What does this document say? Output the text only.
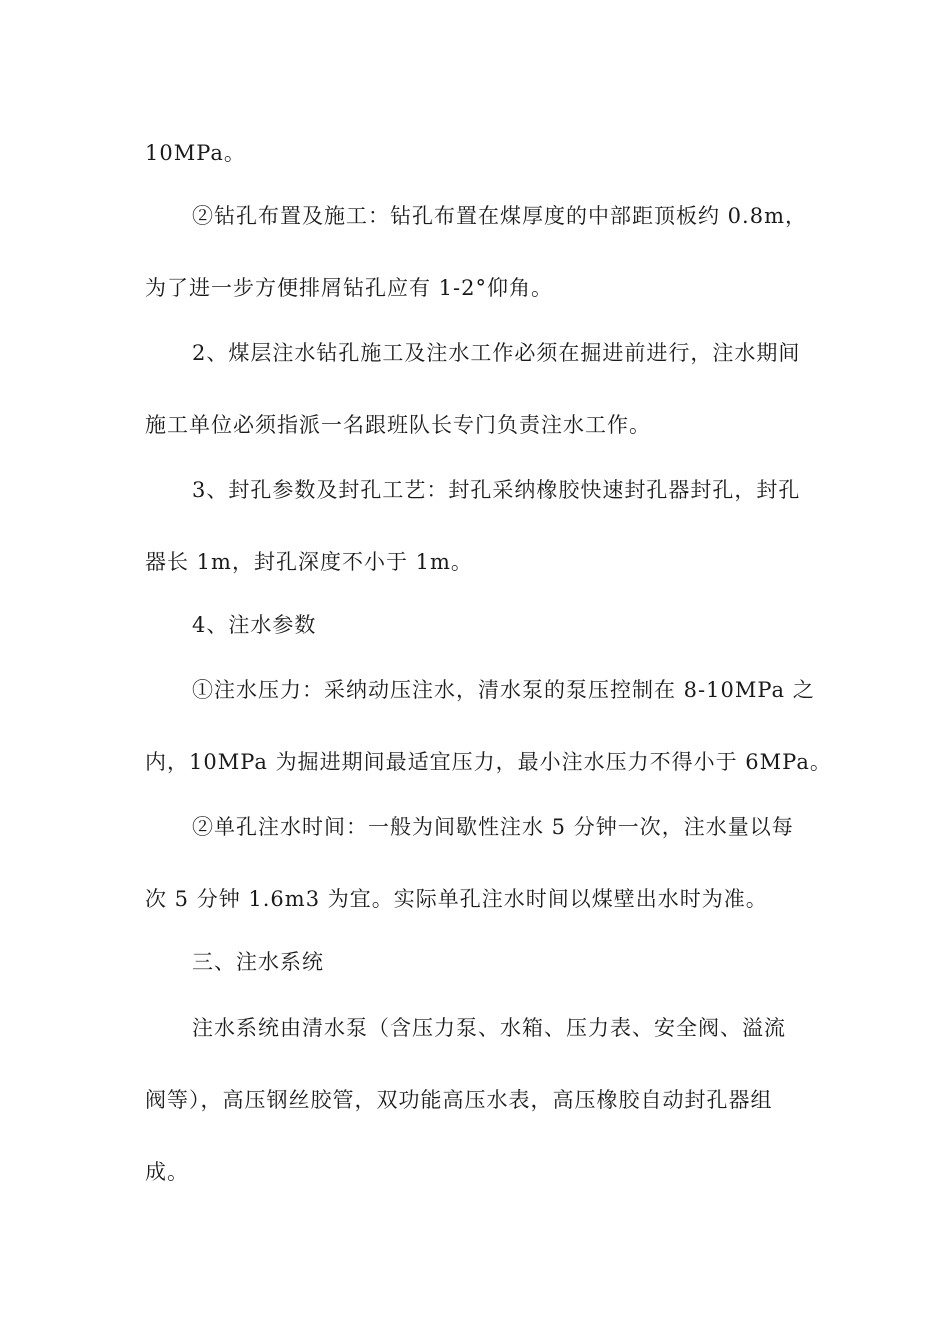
10MPa。
②钻孔布置及施工：钻孔布置在煤厚度的中部距顶板约 0.8m，
为了进一步方便排屑钻孔应有 1-2°仰角。
2、煤层注水钻孔施工及注水工作必须在掘进前进行，注水期间
施工单位必须指派一名跟班队长专门负责注水工作。
3、封孔参数及封孔工艺：封孔采纳橡胶快速封孔器封孔，封孔
器长 1m，封孔深度不小于 1m。
4、注水参数
①注水压力：采纳动压注水，清水泵的泵压控制在 8-10MPa 之
内，10MPa 为掘进期间最适宜压力，最小注水压力不得小于 6MPa。
②单孔注水时间：一般为间歇性注水 5 分钟一次，注水量以每
次 5 分钟 1.6m3 为宜。实际单孔注水时间以煤壁出水时为准。
三、注水系统
注水系统由清水泵（含压力泵、水箱、压力表、安全阀、溢流
阀等），高压钢丝胶管，双功能高压水表，高压橡胶自动封孔器组
成。
